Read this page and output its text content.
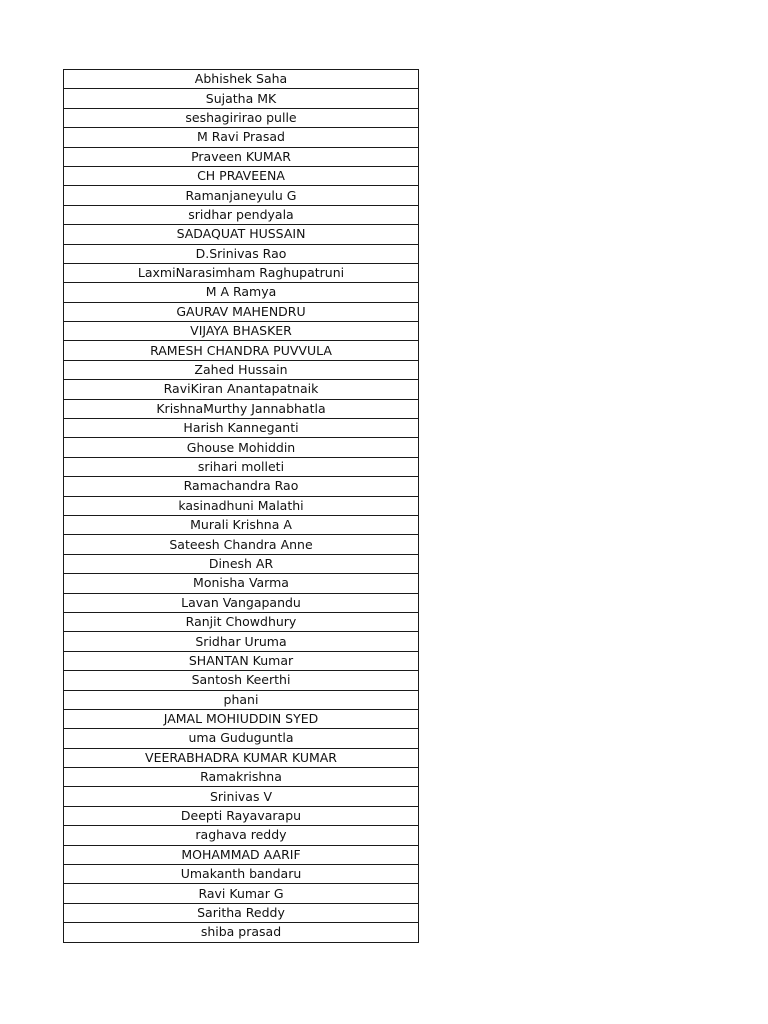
Abhishek Saha
Sujatha MK
seshagirirao pulle
M Ravi Prasad
Praveen KUMAR
CH PRAVEENA
Ramanjaneyulu G
sridhar pendyala
SADAQUAT HUSSAIN
D.Srinivas Rao
LaxmiNarasimham Raghupatruni
M A Ramya
GAURAV MAHENDRU
VIJAYA BHASKER
RAMESH CHANDRA PUVVULA
Zahed Hussain
RaviKiran Anantapatnaik
KrishnaMurthy Jannabhatla
Harish Kanneganti
Ghouse Mohiddin
srihari molleti
Ramachandra Rao
kasinadhuni Malathi
Murali Krishna A
Sateesh Chandra Anne
Dinesh AR
Monisha Varma
Lavan Vangapandu
Ranjit Chowdhury
Sridhar Uruma
SHANTAN Kumar
Santosh Keerthi
phani
JAMAL MOHIUDDIN SYED
uma Guduguntla
VEERABHADRA KUMAR KUMAR
Ramakrishna
Srinivas V
Deepti Rayavarapu
raghava reddy
MOHAMMAD AARIF
Umakanth bandaru
Ravi Kumar G
Saritha Reddy
shiba prasad
